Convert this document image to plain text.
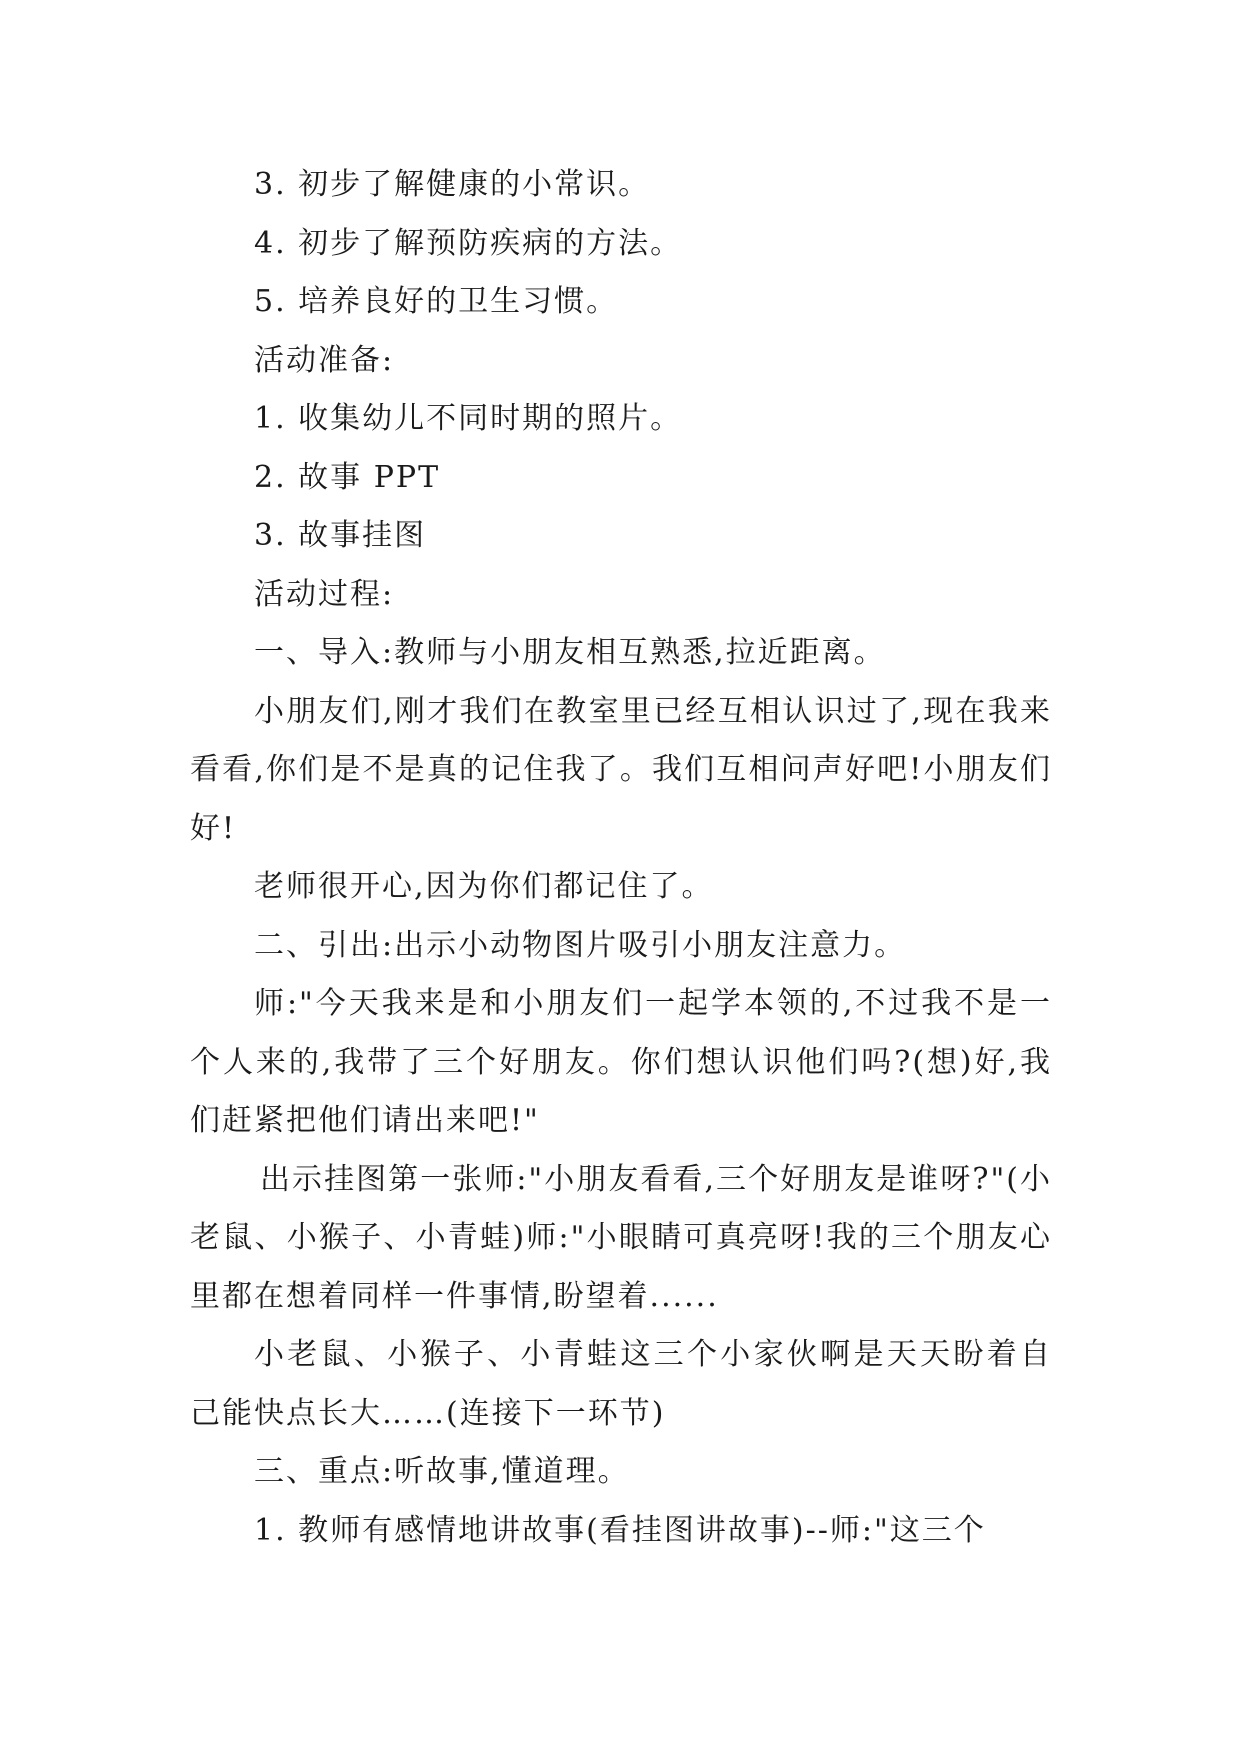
3. 初步了解健康的小常识。

4. 初步了解预防疾病的方法。

5. 培养良好的卫生习惯。

活动准备:

1. 收集幼儿不同时期的照片。

2. 故事 PPT

3. 故事挂图

活动过程:

一、导入:教师与小朋友相互熟悉,拉近距离。

小朋友们,刚才我们在教室里已经互相认识过了,现在我来看看,你们是不是真的记住我了。我们互相问声好吧!小朋友们好!

老师很开心,因为你们都记住了。

二、引出:出示小动物图片吸引小朋友注意力。

师:"今天我来是和小朋友们一起学本领的,不过我不是一个人来的,我带了三个好朋友。你们想认识他们吗?(想)好,我们赶紧把他们请出来吧!"

出示挂图第一张师:"小朋友看看,三个好朋友是谁呀?"(小老鼠、小猴子、小青蛙)师:"小眼睛可真亮呀!我的三个朋友心里都在想着同样一件事情,盼望着......

小老鼠、小猴子、小青蛙这三个小家伙啊是天天盼着自己能快点长大……(连接下一环节)

三、重点:听故事,懂道理。

1. 教师有感情地讲故事(看挂图讲故事)--师:"这三个
